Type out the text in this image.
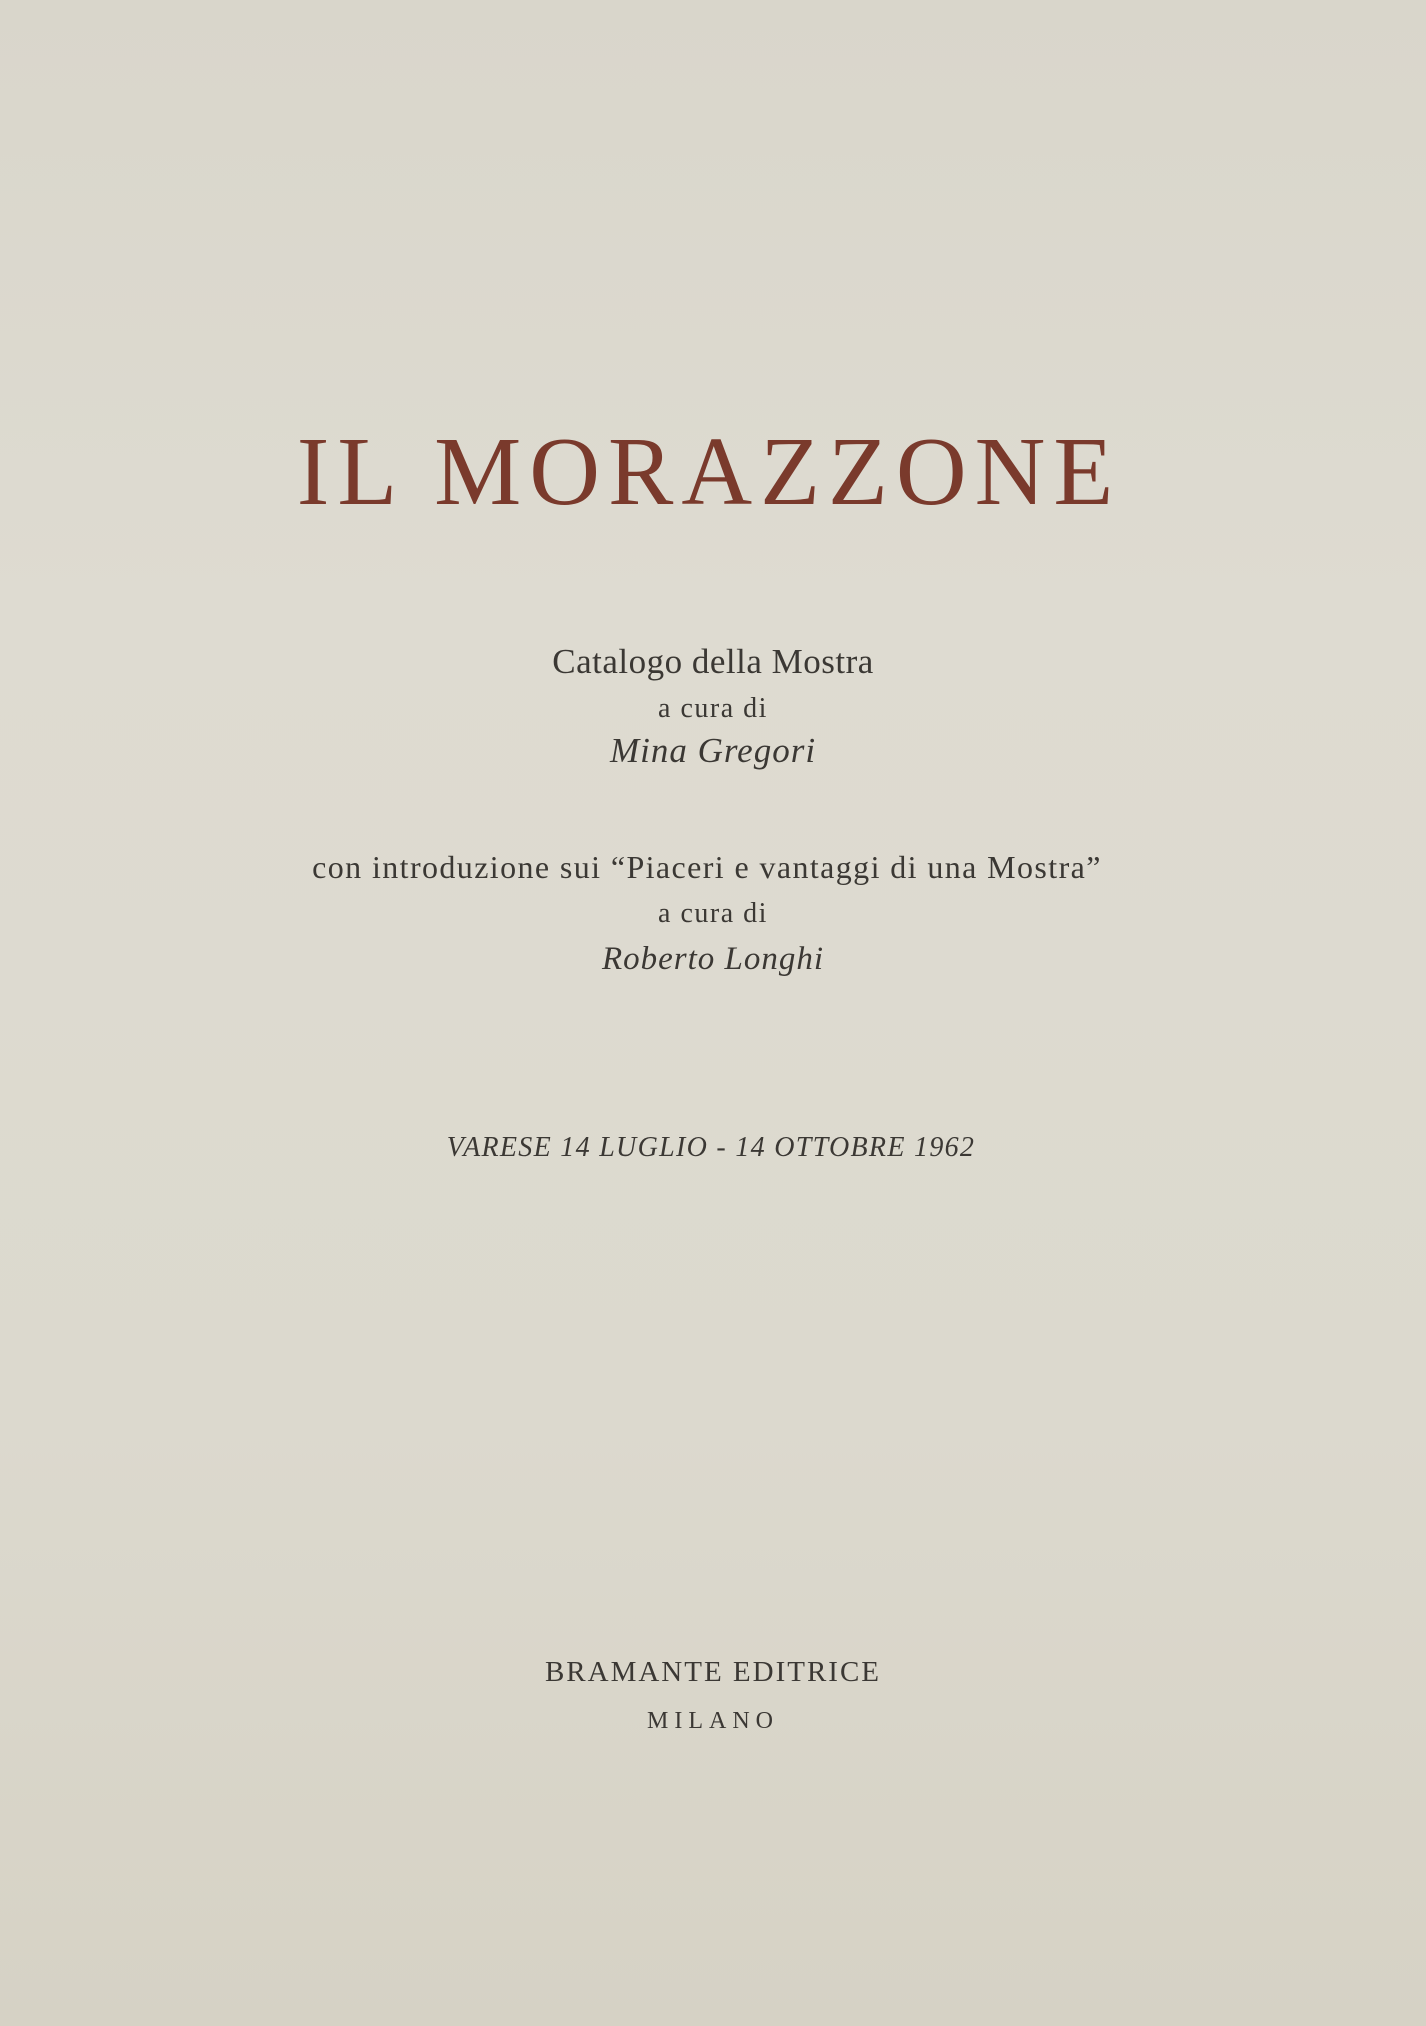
IL MORAZZONE
Catalogo della Mostra
a cura di
Mina Gregori
con introduzione sui “Piaceri e vantaggi di una Mostra”
a cura di
Roberto Longhi
VARESE 14 LUGLIO - 14 OTTOBRE 1962
BRAMANTE EDITRICE
MILANO
